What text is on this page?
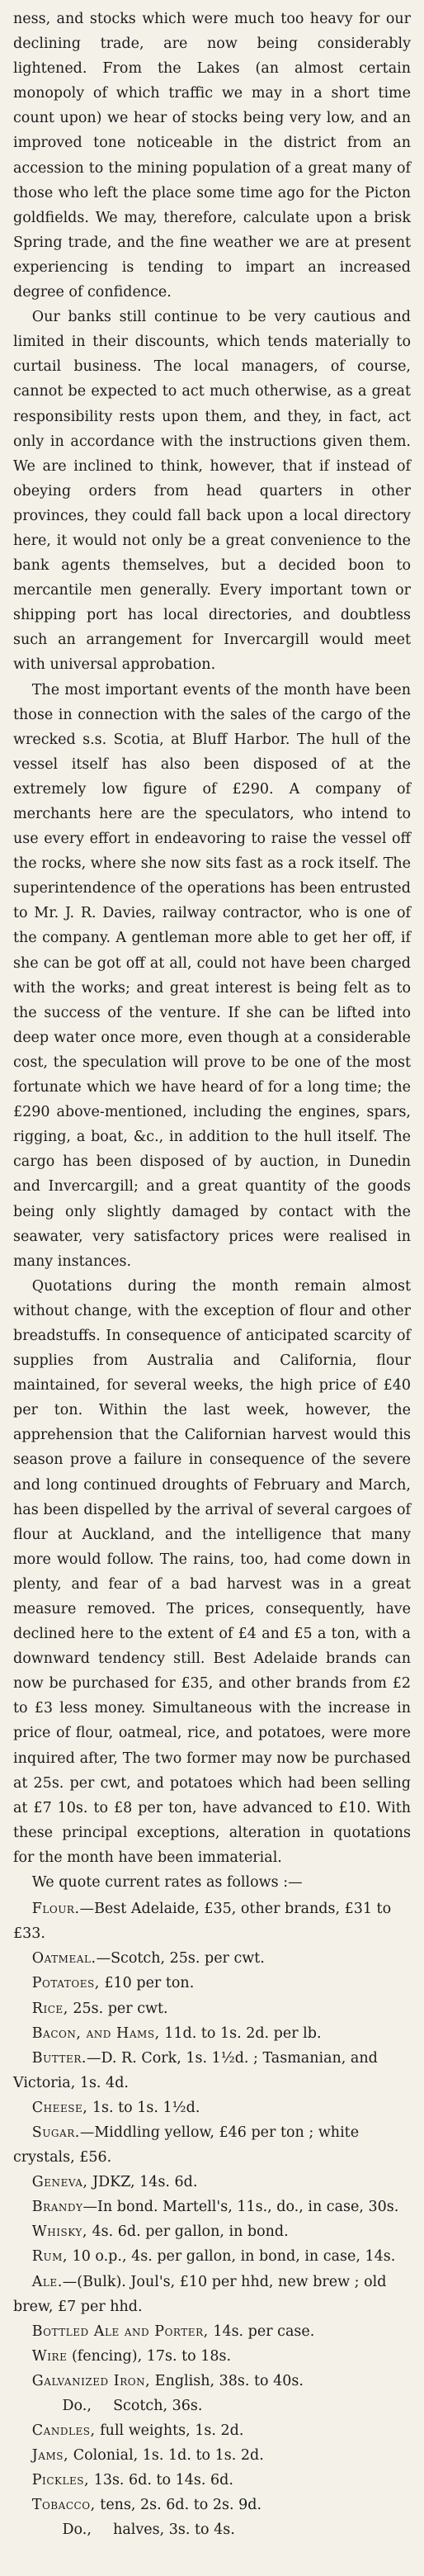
ness, and stocks which were much too heavy for our declining trade, are now being considerably lightened. From the Lakes (an almost certain monopoly of which traffic we may in a short time count upon) we hear of stocks being very low, and an improved tone noticeable in the district from an accession to the mining population of a great many of those who left the place some time ago for the Picton goldfields. We may, therefore, calculate upon a brisk Spring trade, and the fine weather we are at present experiencing is tending to impart an increased degree of confidence.

Our banks still continue to be very cautious and limited in their discounts, which tends materially to curtail business. The local managers, of course, cannot be expected to act much otherwise, as a great responsibility rests upon them, and they, in fact, act only in accordance with the instructions given them. We are inclined to think, however, that if instead of obeying orders from head quarters in other provinces, they could fall back upon a local directory here, it would not only be a great convenience to the bank agents themselves, but a decided boon to mercantile men generally. Every important town or shipping port has local directories, and doubtless such an arrangement for Invercargill would meet with universal approbation.

The most important events of the month have been those in connection with the sales of the cargo of the wrecked s.s. Scotia, at Bluff Harbor. The hull of the vessel itself has also been disposed of at the extremely low figure of £290. A company of merchants here are the speculators, who intend to use every effort in endeavoring to raise the vessel off the rocks, where she now sits fast as a rock itself. The superintendence of the operations has been entrusted to Mr. J. R. Davies, railway contractor, who is one of the company. A gentleman more able to get her off, if she can be got off at all, could not have been charged with the works; and great interest is being felt as to the success of the venture. If she can be lifted into deep water once more, even though at a considerable cost, the speculation will prove to be one of the most fortunate which we have heard of for a long time; the £290 above-mentioned, including the engines, spars, rigging, a boat, &c., in addition to the hull itself. The cargo has been disposed of by auction, in Dunedin and Invercargill; and a great quantity of the goods being only slightly damaged by contact with the seawater, very satisfactory prices were realised in many instances.

Quotations during the month remain almost without change, with the exception of flour and other breadstuffs. In consequence of anticipated scarcity of supplies from Australia and California, flour maintained, for several weeks, the high price of £40 per ton. Within the last week, however, the apprehension that the Californian harvest would this season prove a failure in consequence of the severe and long continued droughts of February and March, has been dispelled by the arrival of several cargoes of flour at Auckland, and the intelligence that many more would follow. The rains, too, had come down in plenty, and fear of a bad harvest was in a great measure removed. The prices, consequently, have declined here to the extent of £4 and £5 a ton, with a downward tendency still. Best Adelaide brands can now be purchased for £35, and other brands from £2 to £3 less money. Simultaneous with the increase in price of flour, oatmeal, rice, and potatoes, were more inquired after, The two former may now be purchased at 25s. per cwt, and potatoes which had been selling at £7 10s. to £8 per ton, have advanced to £10. With these principal exceptions, alteration in quotations for the month have been immaterial.

We quote current rates as follows :—

Flour.—Best Adelaide, £35, other brands, £31 to £33.

Oatmeal.—Scotch, 25s. per cwt.

Potatoes, £10 per ton.

Rice, 25s. per cwt.

Bacon, and Hams, 11d. to 1s. 2d. per lb.

Butter.—D. R. Cork, 1s. 1½d. ; Tasmanian, and Victoria, 1s. 4d.

Cheese, 1s. to 1s. 1½d.

Sugar.—Middling yellow, £46 per ton ; white crystals, £56.

Geneva, JDKZ, 14s. 6d.

Brandy—In bond. Martell's, 11s., do., in case, 30s.

Whisky, 4s. 6d. per gallon, in bond.

Rum, 10 o.p., 4s. per gallon, in bond, in case, 14s.

Ale.—(Bulk). Joul's, £10 per hhd, new brew ; old brew, £7 per hhd.

Bottled Ale and Porter, 14s. per case.

Wire (fencing), 17s. to 18s.

Galvanized Iron, English, 38s. to 40s.

Do., Scotch, 36s.

Candles, full weights, 1s. 2d.

Jams, Colonial, 1s. 1d. to 1s. 2d.

Pickles, 13s. 6d. to 14s. 6d.

Tobacco, tens, 2s. 6d. to 2s. 9d.

Do., halves, 3s. to 4s.
